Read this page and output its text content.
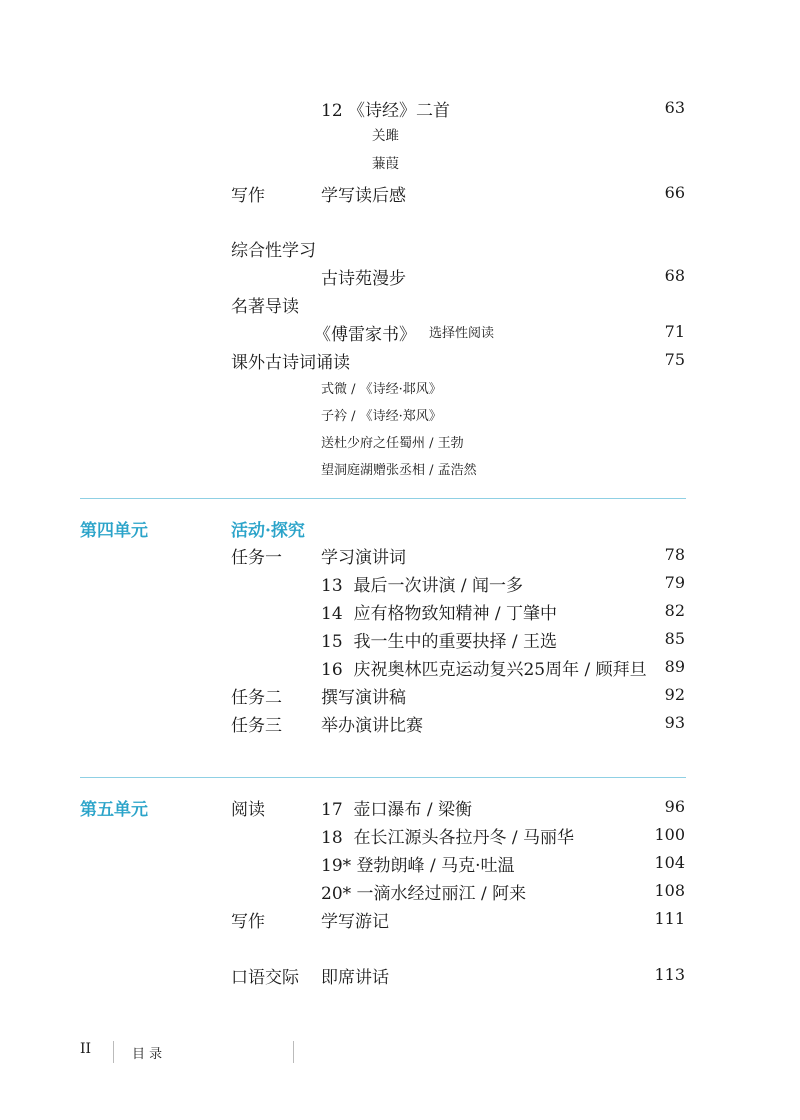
12 《诗经》二首	63
关雎
蒹葭
写作	学写读后感	66
综合性学习
古诗苑漫步	68
名著导读
《傅雷家书》 选择性阅读	71
课外古诗词诵读	75
式微 / 《诗经·邶风》
子衿 / 《诗经·郑风》
送杜少府之任蜀州 / 王勃
望洞庭湖赠张丞相 / 孟浩然
第四单元	活动·探究
任务一 学习演讲词	78
13 最后一次讲演 / 闻一多	79
14 应有格物致知精神 / 丁肇中	82
15 我一生中的重要抉择 / 王选	85
16 庆祝奥林匹克运动复兴25周年 / 顾拜旦 89
任务二 撰写演讲稿	92
任务三 举办演讲比赛	93
第五单元	阅读	17 壶口瀑布 / 梁衡	96
18 在长江源头各拉丹冬 / 马丽华	100
19* 登勃朗峰 / 马克·吐温	104
20* 一滴水经过丽江 / 阿来	108
写作	学写游记	111
口语交际 即席讲话	113
II	目 录
